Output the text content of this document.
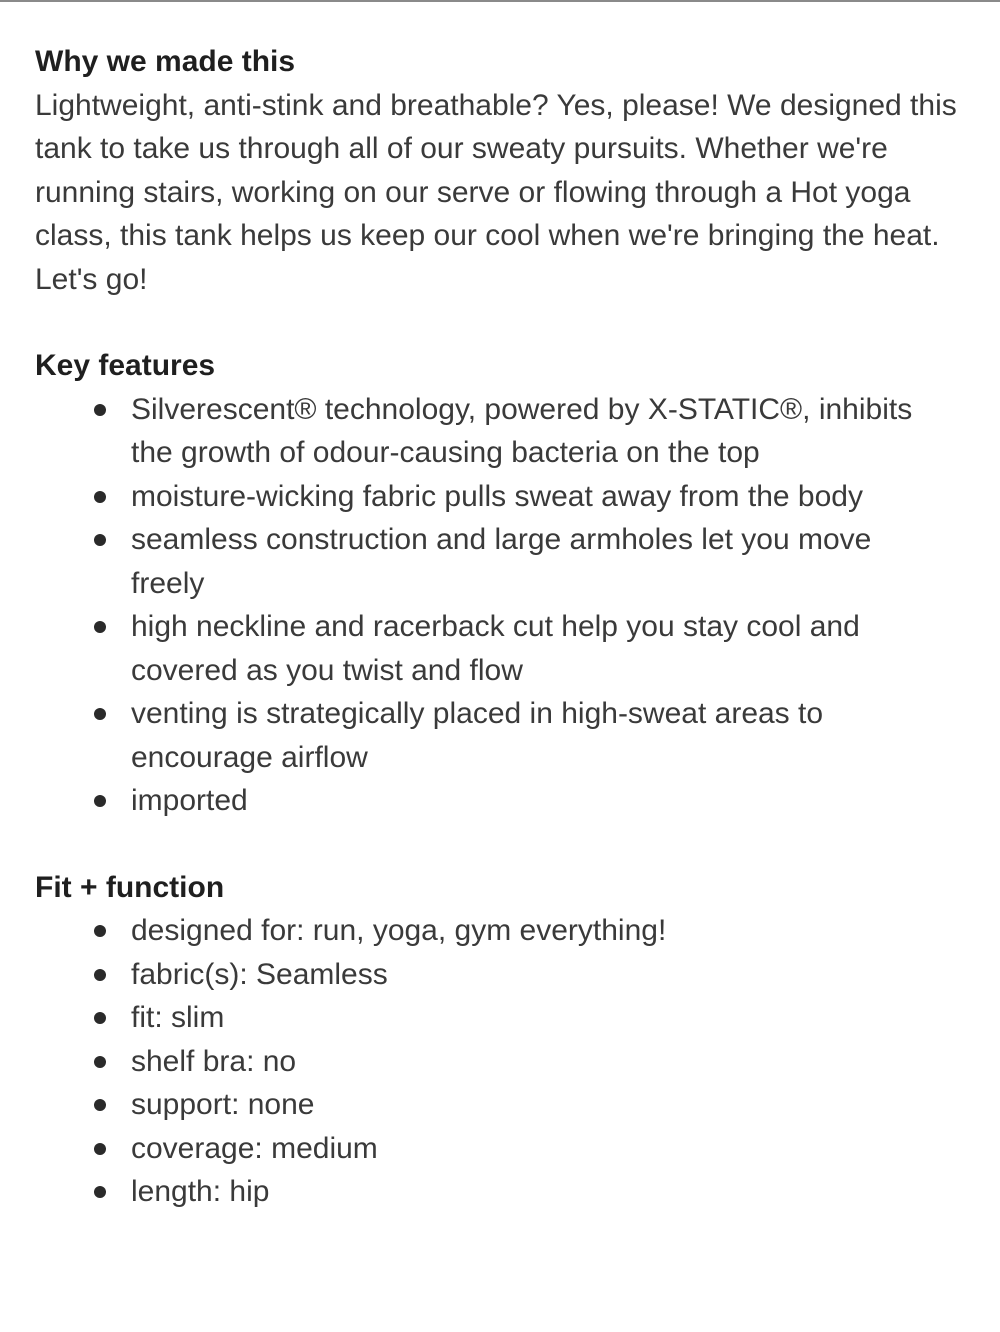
Why we made this

Lightweight, anti-stink and breathable? Yes, please! We designed this tank to take us through all of our sweaty pursuits. Whether we're running stairs, working on our serve or flowing through a Hot yoga class, this tank helps us keep our cool when we're bringing the heat. Let's go!

Key features
Silverescent® technology, powered by X-STATIC®, inhibits the growth of odour-causing bacteria on the top
moisture-wicking fabric pulls sweat away from the body
seamless construction and large armholes let you move freely
high neckline and racerback cut help you stay cool and covered as you twist and flow
venting is strategically placed in high-sweat areas to encourage airflow
imported
Fit + function
designed for: run, yoga, gym everything!
fabric(s): Seamless
fit: slim
shelf bra: no
support: none
coverage: medium
length: hip
